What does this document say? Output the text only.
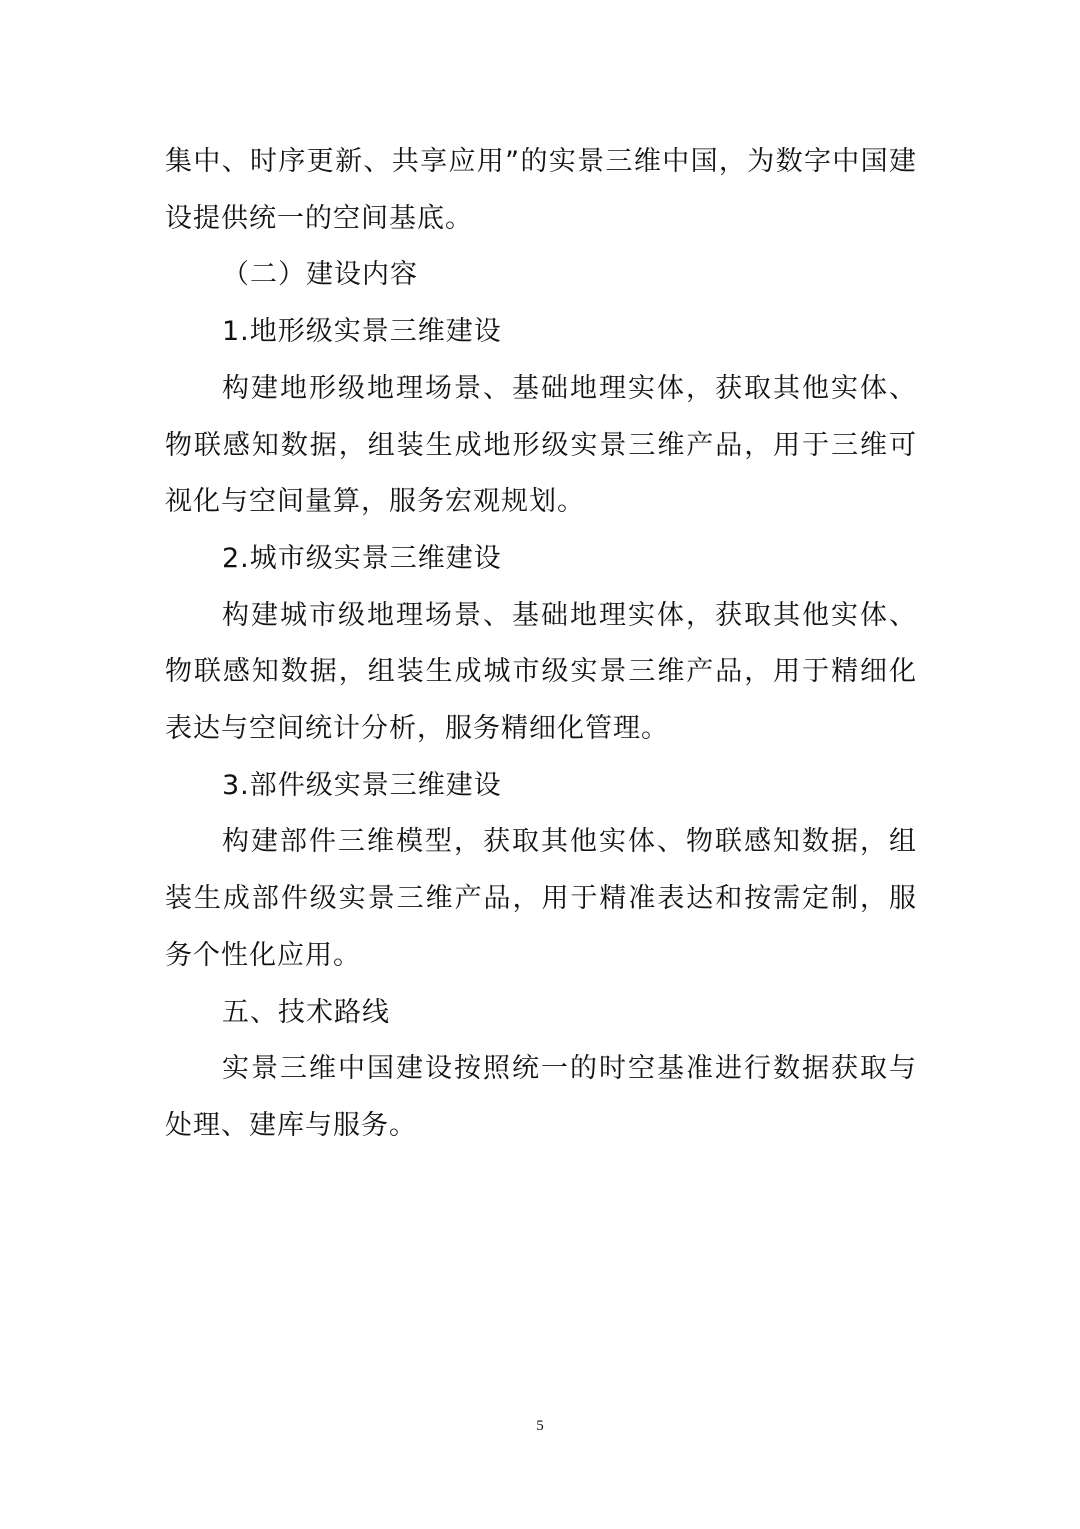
集中、时序更新、共享应用”的实景三维中国，为数字中国建设提供统一的空间基底。

（二）建设内容

1.地形级实景三维建设

构建地形级地理场景、基础地理实体，获取其他实体、物联感知数据，组装生成地形级实景三维产品，用于三维可视化与空间量算，服务宏观规划。

2.城市级实景三维建设

构建城市级地理场景、基础地理实体，获取其他实体、物联感知数据，组装生成城市级实景三维产品，用于精细化表达与空间统计分析，服务精细化管理。

3.部件级实景三维建设

构建部件三维模型，获取其他实体、物联感知数据，组装生成部件级实景三维产品，用于精准表达和按需定制，服务个性化应用。

五、技术路线

实景三维中国建设按照统一的时空基准进行数据获取与处理、建库与服务。

5
